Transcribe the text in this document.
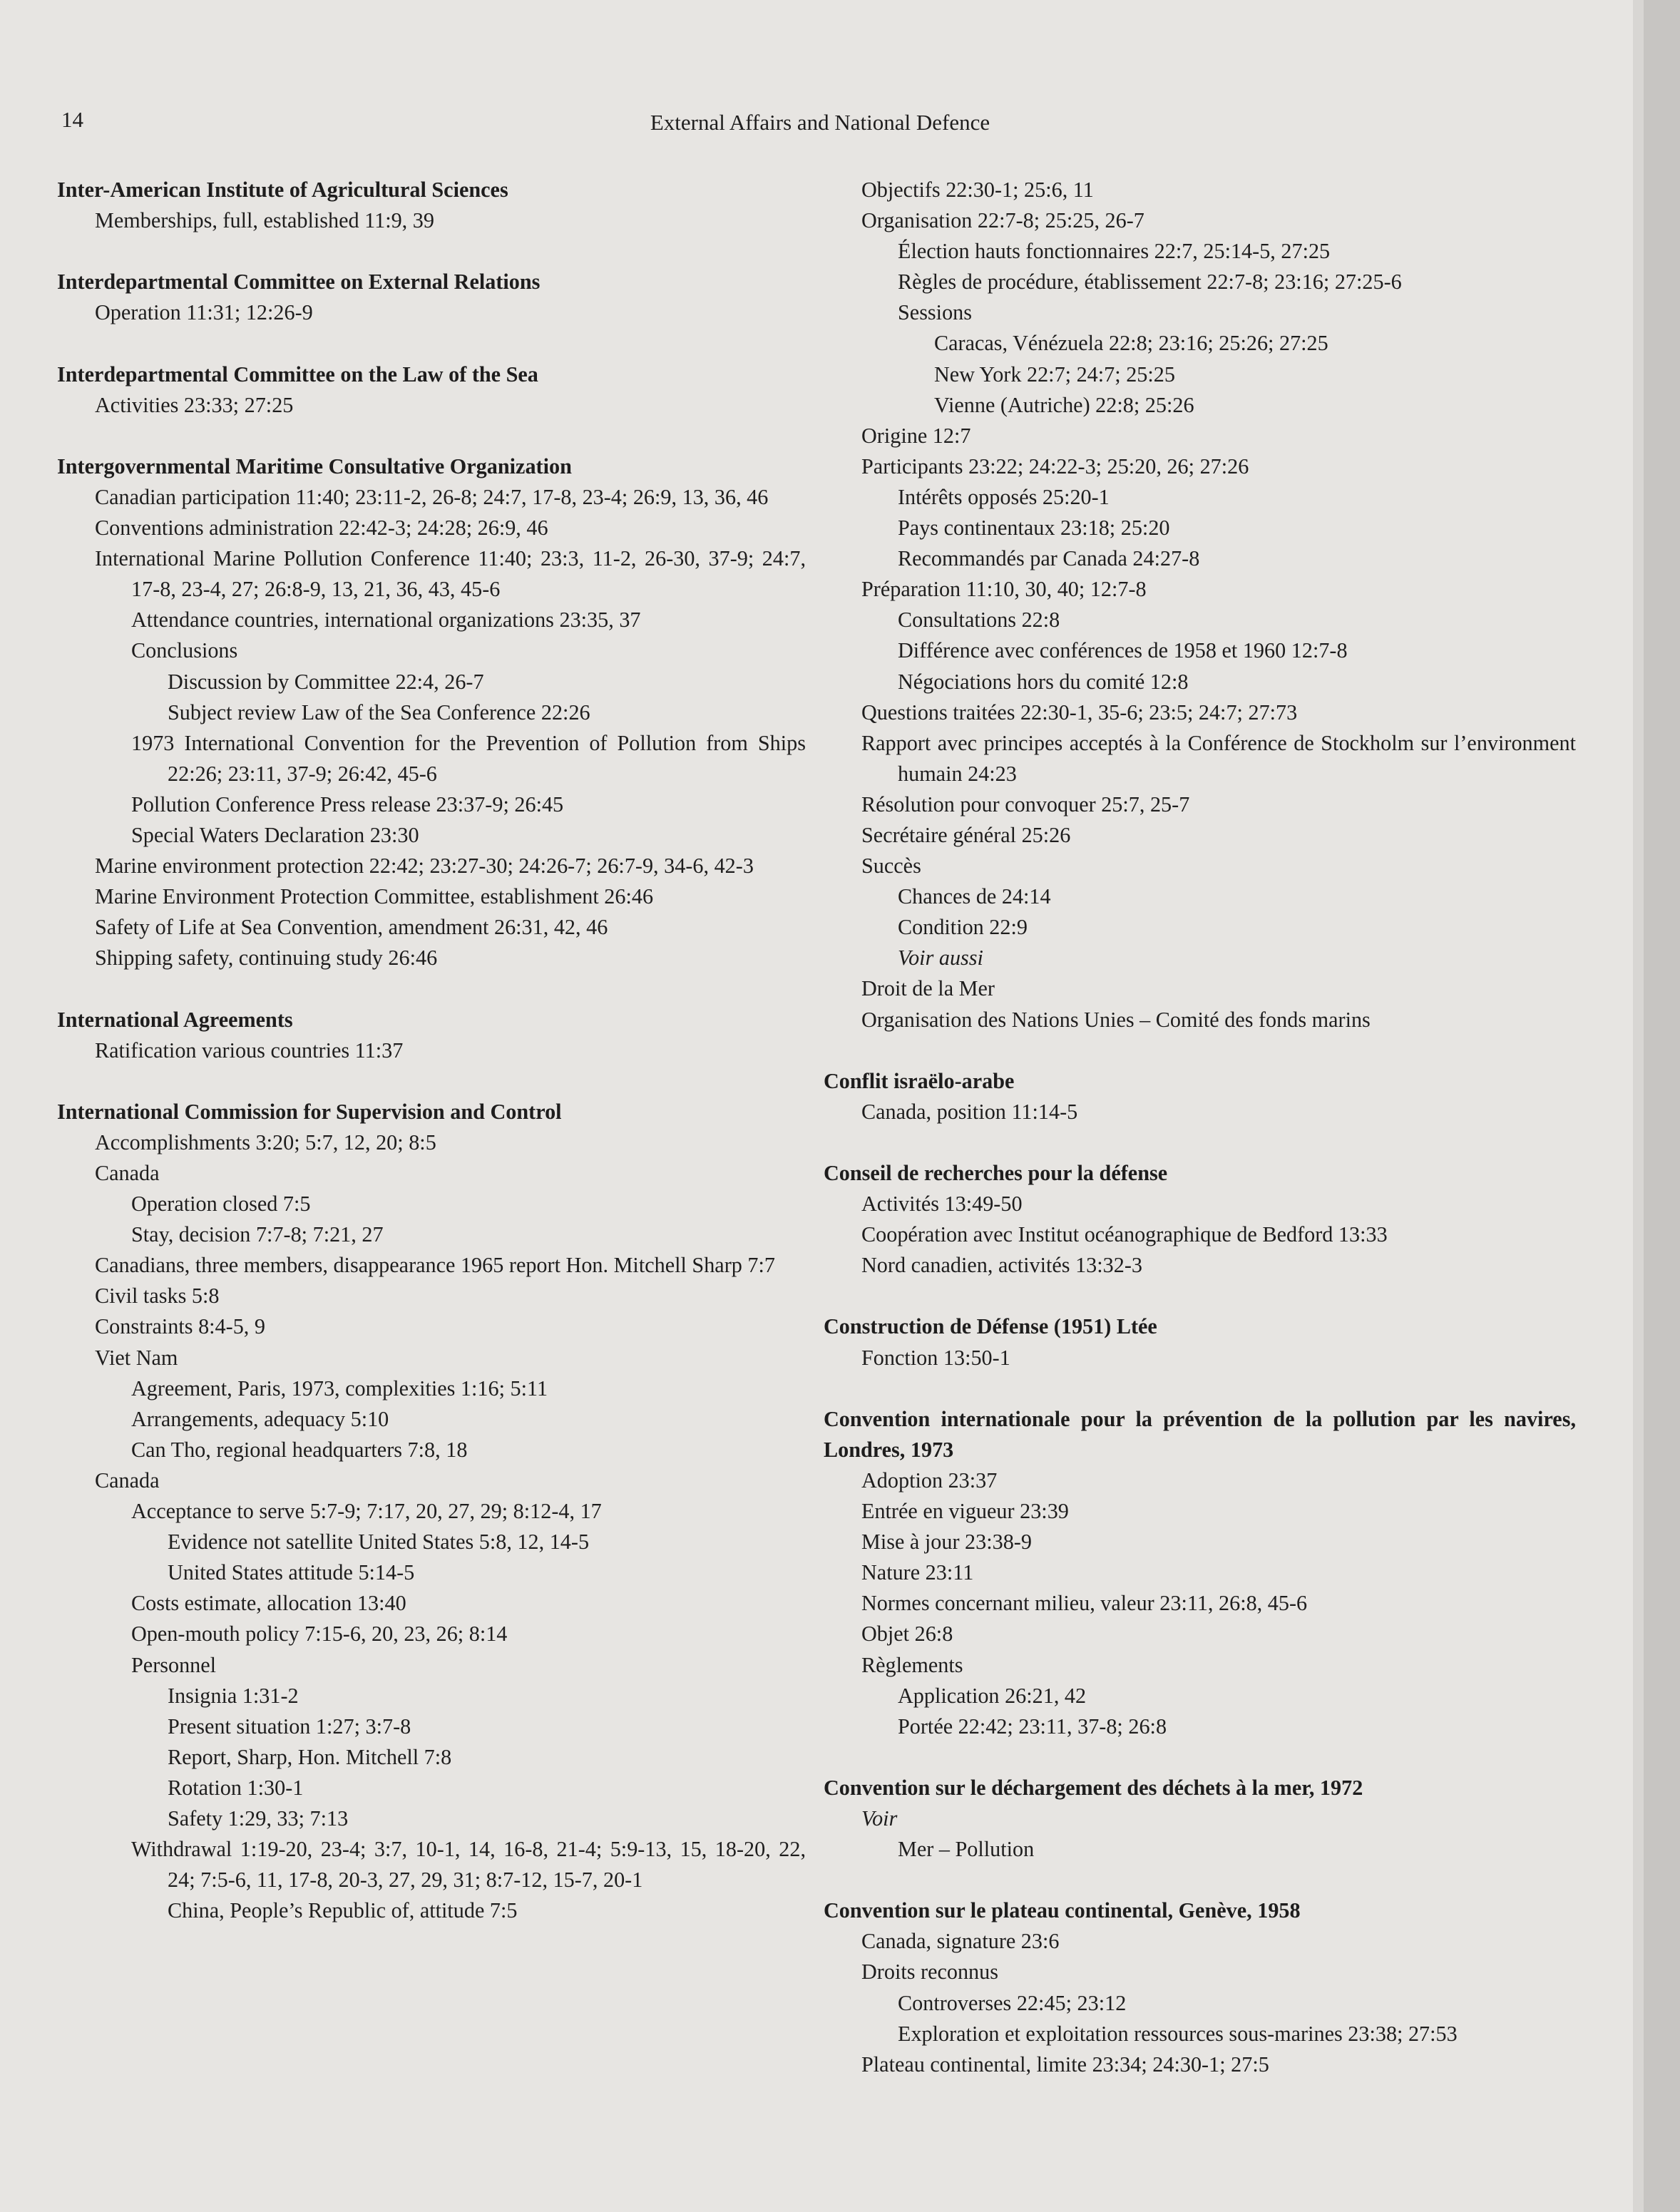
14	External Affairs and National Defence
Inter-American Institute of Agricultural Sciences
Memberships, full, established 11:9, 39
Interdepartmental Committee on External Relations
Operation 11:31; 12:26-9
Interdepartmental Committee on the Law of the Sea
Activities 23:33; 27:25
Intergovernmental Maritime Consultative Organization
Canadian participation 11:40; 23:11-2, 26-8; 24:7, 17-8, 23-4; 26:9, 13, 36, 46
Conventions administration 22:42-3; 24:28; 26:9, 46
International Marine Pollution Conference 11:40; 23:3, 11-2, 26-30, 37-9; 24:7, 17-8, 23-4, 27; 26:8-9, 13, 21, 36, 43, 45-6
Attendance countries, international organizations 23:35, 37
Conclusions
Discussion by Committee 22:4, 26-7
Subject review Law of the Sea Conference 22:26
1973 International Convention for the Prevention of Pollution from Ships 22:26; 23:11, 37-9; 26:42, 45-6
Pollution Conference Press release 23:37-9; 26:45
Special Waters Declaration 23:30
Marine environment protection 22:42; 23:27-30; 24:26-7; 26:7-9, 34-6, 42-3
Marine Environment Protection Committee, establishment 26:46
Safety of Life at Sea Convention, amendment 26:31, 42, 46
Shipping safety, continuing study 26:46
International Agreements
Ratification various countries 11:37
International Commission for Supervision and Control
Accomplishments 3:20; 5:7, 12, 20; 8:5
Canada
Operation closed 7:5
Stay, decision 7:7-8; 7:21, 27
Canadians, three members, disappearance 1965 report Hon. Mitchell Sharp 7:7
Civil tasks 5:8
Constraints 8:4-5, 9
Viet Nam
Agreement, Paris, 1973, complexities 1:16; 5:11
Arrangements, adequacy 5:10
Can Tho, regional headquarters 7:8, 18
Canada
Acceptance to serve 5:7-9; 7:17, 20, 27, 29; 8:12-4, 17
Evidence not satellite United States 5:8, 12, 14-5
United States attitude 5:14-5
Costs estimate, allocation 13:40
Open-mouth policy 7:15-6, 20, 23, 26; 8:14
Personnel
Insignia 1:31-2
Present situation 1:27; 3:7-8
Report, Sharp, Hon. Mitchell 7:8
Rotation 1:30-1
Safety 1:29, 33; 7:13
Withdrawal 1:19-20, 23-4; 3:7, 10-1, 14, 16-8, 21-4; 5:9-13, 15, 18-20, 22, 24; 7:5-6, 11, 17-8, 20-3, 27, 29, 31; 8:7-12, 15-7, 20-1
China, People’s Republic of, attitude 7:5
Objectifs 22:30-1; 25:6, 11
Organisation 22:7-8; 25:25, 26-7
Élection hauts fonctionnaires 22:7, 25:14-5, 27:25
Règles de procédure, établissement 22:7-8; 23:16; 27:25-6
Sessions
Caracas, Vénézuela 22:8; 23:16; 25:26; 27:25
New York 22:7; 24:7; 25:25
Vienne (Autriche) 22:8; 25:26
Origine 12:7
Participants 23:22; 24:22-3; 25:20, 26; 27:26
Intérêts opposés 25:20-1
Pays continentaux 23:18; 25:20
Recommandés par Canada 24:27-8
Préparation 11:10, 30, 40; 12:7-8
Consultations 22:8
Différence avec conférences de 1958 et 1960 12:7-8
Négociations hors du comité 12:8
Questions traitées 22:30-1, 35-6; 23:5; 24:7; 27:73
Rapport avec principes acceptés à la Conférence de Stockholm sur l’environment humain 24:23
Résolution pour convoquer 25:7, 25-7
Secrétaire général 25:26
Succès
Chances de 24:14
Condition 22:9
Voir aussi
Droit de la Mer
Organisation des Nations Unies – Comité des fonds marins
Conflit israëlo-arabe
Canada, position 11:14-5
Conseil de recherches pour la défense
Activités 13:49-50
Coopération avec Institut océanographique de Bedford 13:33
Nord canadien, activités 13:32-3
Construction de Défense (1951) Ltée
Fonction 13:50-1
Convention internationale pour la prévention de la pollution par les navires, Londres, 1973
Adoption 23:37
Entrée en vigueur 23:39
Mise à jour 23:38-9
Nature 23:11
Normes concernant milieu, valeur 23:11, 26:8, 45-6
Objet 26:8
Règlements
Application 26:21, 42
Portée 22:42; 23:11, 37-8; 26:8
Convention sur le déchargement des déchets à la mer, 1972
Voir
Mer – Pollution
Convention sur le plateau continental, Genève, 1958
Canada, signature 23:6
Droits reconnus
Controverses 22:45; 23:12
Exploration et exploitation ressources sous-marines 23:38; 27:53
Plateau continental, limite 23:34; 24:30-1; 27:5
